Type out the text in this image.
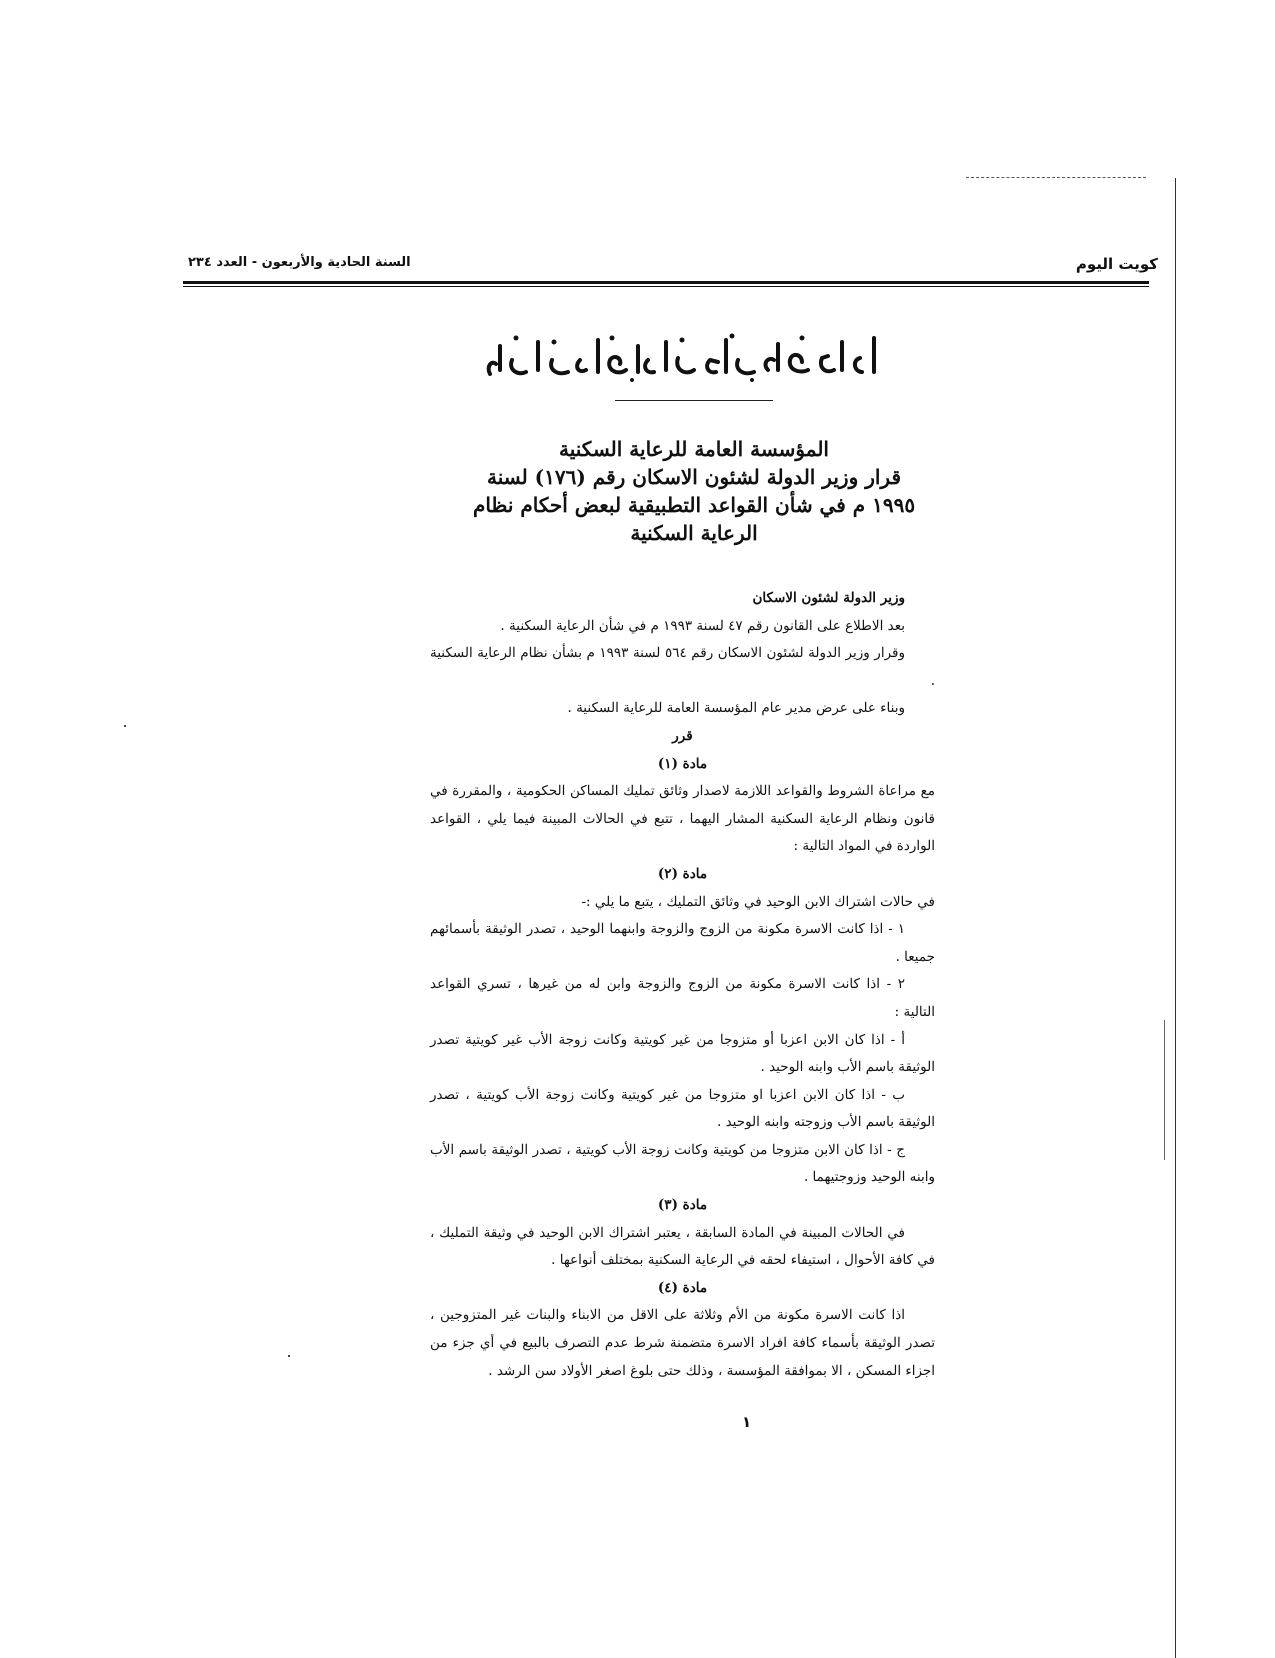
كويت اليوم
السنة الحادية والأربعون - العدد ٢٣٤
المؤسسة العامة للرعاية السكنية
قرار وزير الدولة لشئون الاسكان رقم (١٧٦) لسنة
١٩٩٥ م في شأن القواعد التطبيقية لبعض أحكام نظام
الرعاية السكنية

وزير الدولة لشئون الاسكان

بعد الاطلاع على القانون رقم ٤٧ لسنة ١٩٩٣ م في شأن الرعاية السكنية .

وقرار وزير الدولة لشئون الاسكان رقم ٥٦٤ لسنة ١٩٩٣ م بشأن نظام الرعاية السكنية .

وبناء على عرض مدير عام المؤسسة العامة للرعاية السكنية .

قرر

مادة (١)

مع مراعاة الشروط والقواعد اللازمة لاصدار وثائق تمليك المساكن الحكومية ، والمقررة في قانون ونظام الرعاية السكنية المشار اليهما ، تتبع في الحالات المبينة فيما يلي ، القواعد الواردة في المواد التالية :

مادة (٢)

في حالات اشتراك الابن الوحيد في وثائق التمليك ، يتبع ما يلي :-

١ - اذا كانت الاسرة مكونة من الزوج والزوجة وابنهما الوحيد ، تصدر الوثيقة بأسمائهم جميعا .

٢ - اذا كانت الاسرة مكونة من الزوج والزوجة وابن له من غيرها ، تسري القواعد التالية :

أ - اذا كان الابن اعزبا أو متزوجا من غير كويتية وكانت زوجة الأب غير كويتية تصدر الوثيقة باسم الأب وابنه الوحيد .

ب - اذا كان الابن اعزبا او متزوجا من غير كويتية وكانت زوجة الأب كويتية ، تصدر الوثيقة باسم الأب وزوجته وابنه الوحيد .

ج - اذا كان الابن متزوجا من كويتية وكانت زوجة الأب كويتية ، تصدر الوثيقة باسم الأب وابنه الوحيد وزوجتيهما .

مادة (٣)

في الحالات المبينة في المادة السابقة ، يعتبر اشتراك الابن الوحيد في وثيقة التمليك ، في كافة الأحوال ، استيفاء لحقه في الرعاية السكنية بمختلف أنواعها .

مادة (٤)

اذا كانت الاسرة مكونة من الأم وثلاثة على الاقل من الابناء والبنات غير المتزوجين ، تصدر الوثيقة بأسماء كافة افراد الاسرة متضمنة شرط عدم التصرف بالبيع في أي جزء من اجزاء المسكن ، الا بموافقة المؤسسة ، وذلك حتى بلوغ اصغر الأولاد سن الرشد .

١
